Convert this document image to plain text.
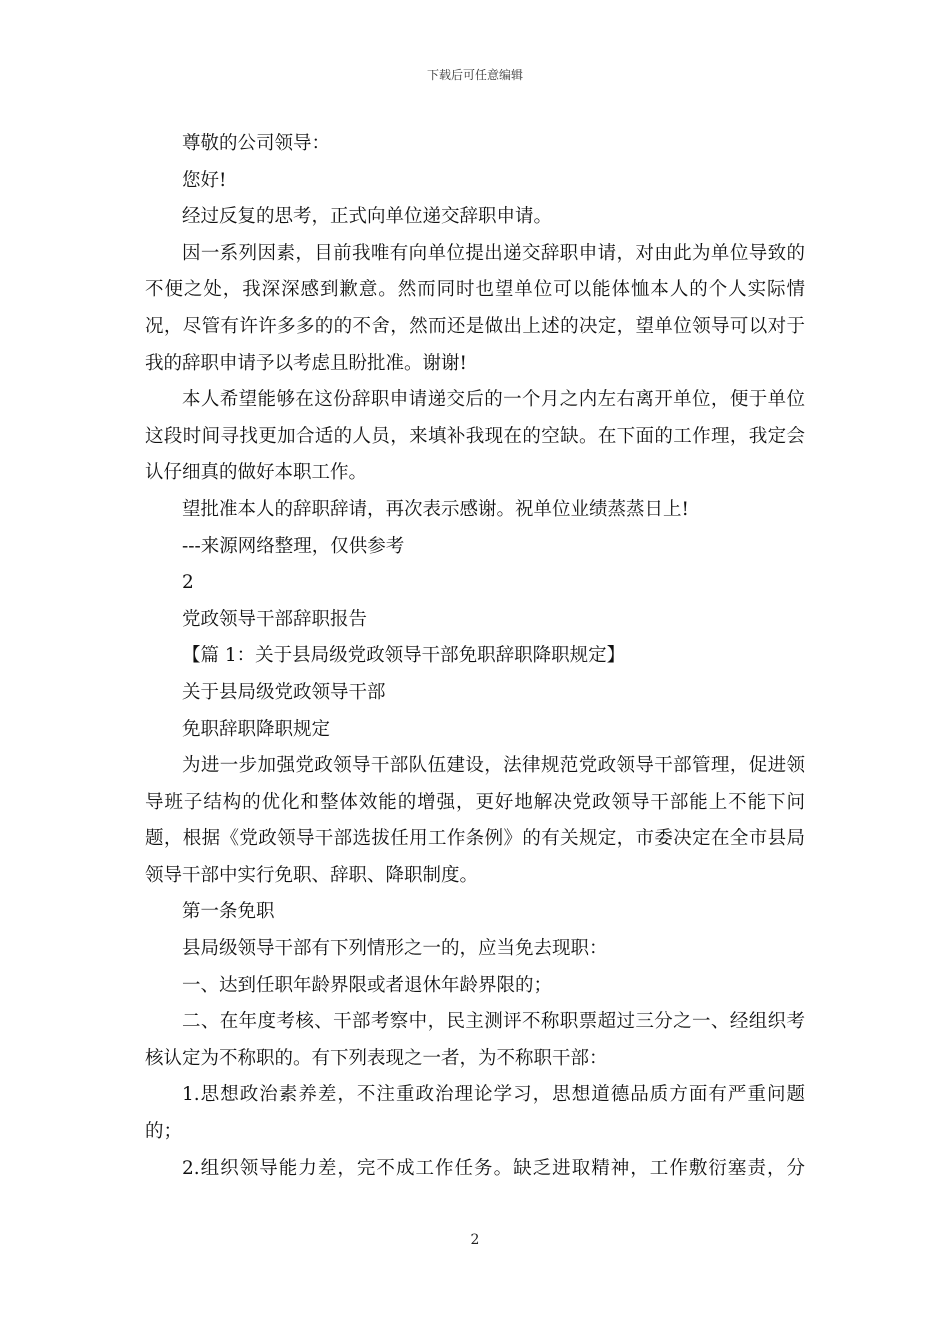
下载后可任意编辑

尊敬的公司领导：

您好!

经过反复的思考，正式向单位递交辞职申请。

因一系列因素，目前我唯有向单位提出递交辞职申请，对由此为单位导致的不便之处，我深深感到歉意。然而同时也望单位可以能体恤本人的个人实际情况，尽管有许许多多的的不舍，然而还是做出上述的决定，望单位领导可以对于我的辞职申请予以考虑且盼批准。谢谢!

本人希望能够在这份辞职申请递交后的一个月之内左右离开单位，便于单位这段时间寻找更加合适的人员，来填补我现在的空缺。在下面的工作理，我定会认仔细真的做好本职工作。

望批准本人的辞职辞请，再次表示感谢。祝单位业绩蒸蒸日上!

---来源网络整理，仅供参考

2

党政领导干部辞职报告

【篇 1：关于县局级党政领导干部免职辞职降职规定】

关于县局级党政领导干部

免职辞职降职规定

为进一步加强党政领导干部队伍建设，法律规范党政领导干部管理，促进领导班子结构的优化和整体效能的增强，更好地解决党政领导干部能上不能下问题，根据《党政领导干部选拔任用工作条例》的有关规定，市委决定在全市县局领导干部中实行免职、辞职、降职制度。

第一条免职

县局级领导干部有下列情形之一的，应当免去现职：

一、达到任职年龄界限或者退休年龄界限的；

二、在年度考核、干部考察中，民主测评不称职票超过三分之一、经组织考核认定为不称职的。有下列表现之一者，为不称职干部：

1.思想政治素养差，不注重政治理论学习，思想道德品质方面有严重问题的；

2.组织领导能力差，完不成工作任务。缺乏进取精神，工作敷衍塞责，分

2
